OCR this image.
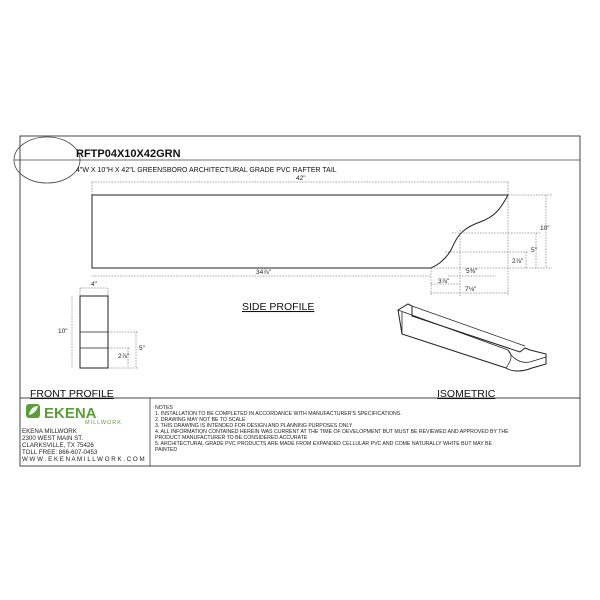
RFTP04X10X42GRN
4"W X 10"H X 42"L GREENSBORO ARCHITECTURAL GRADE PVC RAFTER TAIL
42"
34⅞"
10"
5"
2⅞"
5⅜"
3⅞"
7⅛"
SIDE PROFILE
4"
10"
5"
2⅞"
FRONT PROFILE	ISOMETRIC
EKENA
MILLWORK
EKENA MILLWORK
2300 WEST MAIN ST.
CLARKSVILLE, TX 75426
TOLL FREE: 866-607-0453
W W W . E K E N A M I L L W O R K . C O M
NOTES
1. INSTALLATION TO BE COMPLETED IN ACCORDANCE WITH MANUFACTURER'S SPECIFICATIONS.
2. DRAWING MAY NOT BE TO SCALE
3. THIS DRAWING IS INTENDED FOR DESIGN AND PLANNING PURPOSES ONLY
4. ALL INFORMATION CONTAINED HEREIN WAS CURRENT AT THE TIME OF DEVELOPMENT BUT MUST BE REVIEWED AND APPROVED BY THE
PRODUCT MANUFACTURER TO BE CONSIDERED ACCURATE
5. ARCHITECTURAL GRADE PVC PRODUCTS ARE MADE FROM EXPANDED CELLULAR PVC AND COME NATURALLY WHITE BUT MAY BE
PAINTED
